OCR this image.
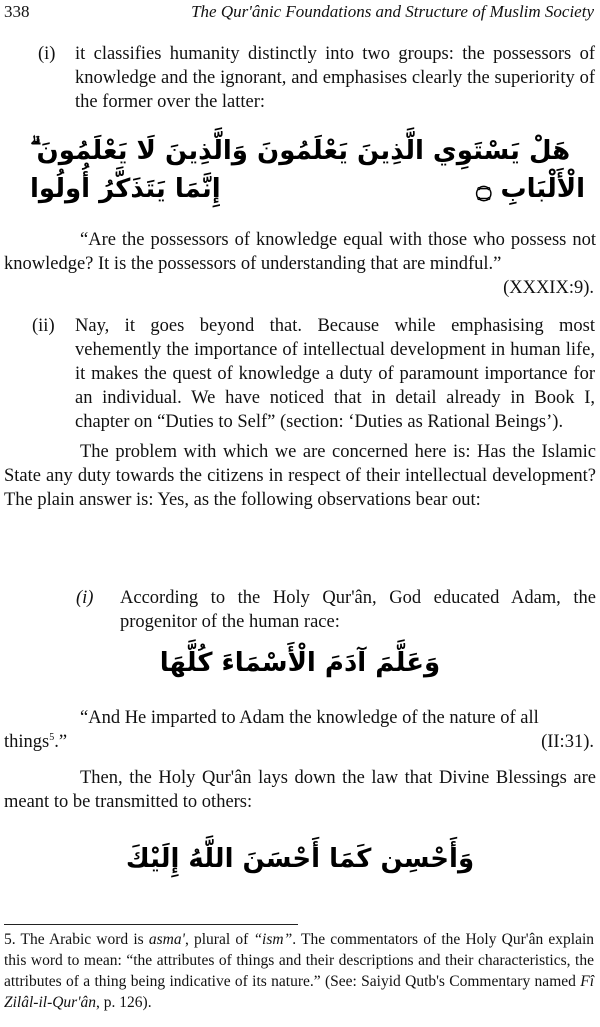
338	The Qur'ânic Foundations and Structure of Muslim Society
(i) it classifies humanity distinctly into two groups: the possessors of knowledge and the ignorant, and emphasises clearly the superiority of the former over the latter:
هَلْ يَسْتَوِي الَّذِينَ يَعْلَمُونَ وَالَّذِينَ لَا يَعْلَمُونَ ۗ إِنَّمَا يَتَذَكَّرُ أُولُوا	الْأَلْبَابِ ۝
“Are the possessors of knowledge equal with those who possess not knowledge? It is the possessors of understanding that are mindful.”
(XXXIX:9).
(ii) Nay, it goes beyond that. Because while emphasising most vehemently the importance of intellectual development in human life, it makes the quest of knowledge a duty of paramount importance for an individual. We have noticed that in detail already in Book I, chapter on “Duties to Self” (section: ‘Duties as Rational Beings’).
The problem with which we are concerned here is: Has the Islamic State any duty towards the citizens in respect of their intellectual development? The plain answer is: Yes, as the following observations bear out:
(i) According to the Holy Qur'ân, God educated Adam, the progenitor of the human race:
وَعَلَّمَ آدَمَ الْأَسْمَاءَ كُلَّهَا
“And He imparted to Adam the knowledge of the nature of all things$^5$.”	(II:31).
Then, the Holy Qur'ân lays down the law that Divine Blessings are meant to be transmitted to others:
وَأَحْسِن كَمَا أَحْسَنَ اللَّهُ إِلَيْكَ
5. The Arabic word is asma', plural of “ism”. The commentators of the Holy Qur'ân explain this word to mean: “the attributes of things and their descriptions and their characteristics, the attributes of a thing being indicative of its nature.” (See: Saiyid Qutb's Commentary named Fî Zilâl-il-Qur'ân, p. 126).
